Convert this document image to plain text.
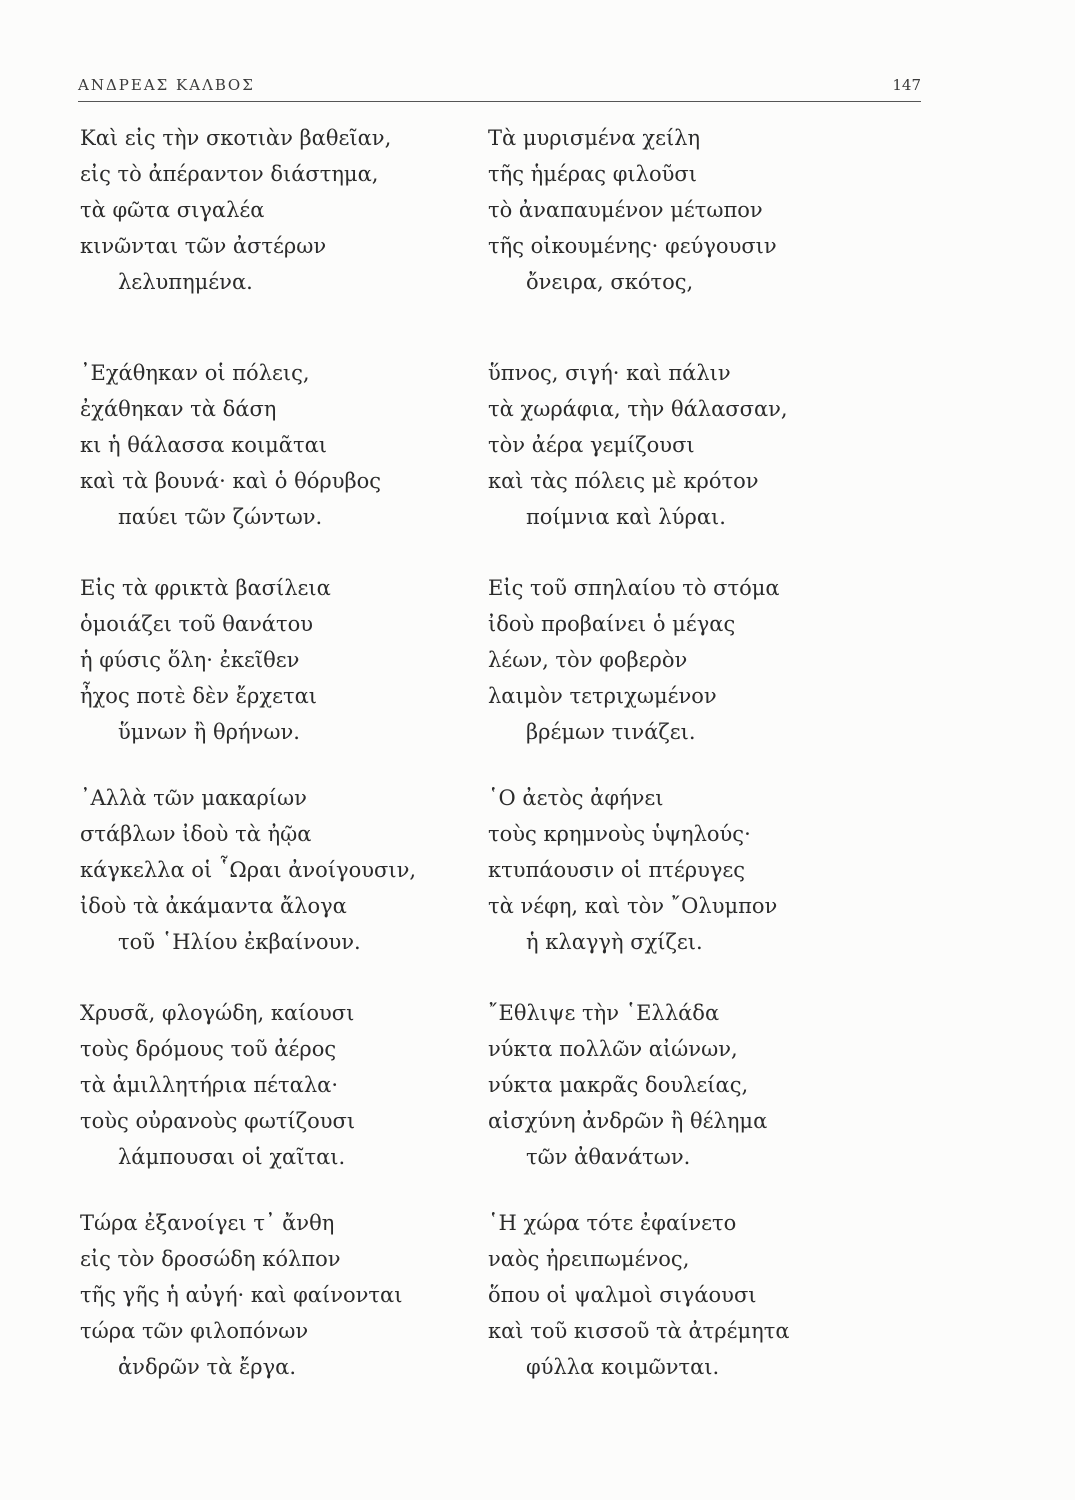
ΑΝΔΡΕΑΣ ΚΑΛΒΟΣ	147
Καὶ εἰς τὴν σκοτιὰν βαθεῖαν,
εἰς τὸ ἀπέραντον διάστημα,
τὰ φῶτα σιγαλέα
κινῶνται τῶν ἀστέρων
λελυπημένα.
᾿Εχάθηκαν οἱ πόλεις,
ἐχάθηκαν τὰ δάση
κι ἡ θάλασσα κοιμᾶται
καὶ τὰ βουνά· καὶ ὁ θόρυβος
παύει τῶν ζώντων.
Εἰς τὰ φρικτὰ βασίλεια
ὁμοιάζει τοῦ θανάτου
ἡ φύσις ὅλη· ἐκεῖθεν
ἦχος ποτὲ δὲν ἔρχεται
ὕμνων ἢ θρήνων.
᾿Αλλὰ τῶν μακαρίων
στάβλων ἰδοὺ τὰ ἠῷα
κάγκελλα οἱ ῟Ωραι ἀνοίγουσιν,
ἰδοὺ τὰ ἀκάμαντα ἄλογα
τοῦ ῾Ηλίου ἐκβαίνουν.
Χρυσᾶ, φλογώδη, καίουσι
τοὺς δρόμους τοῦ ἀέρος
τὰ ἁμιλλητήρια πέταλα·
τοὺς οὐρανοὺς φωτίζουσι
λάμπουσαι οἱ χαῖται.
Τώρα ἐξανοίγει τ᾿ ἄνθη
εἰς τὸν δροσώδη κόλπον
τῆς γῆς ἡ αὐγή· καὶ φαίνονται
τώρα τῶν φιλοπόνων
ἀνδρῶν τὰ ἔργα.
Τὰ μυρισμένα χείλη
τῆς ἡμέρας φιλοῦσι
τὸ ἀναπαυμένον μέτωπον
τῆς οἰκουμένης· φεύγουσιν
ὄνειρα, σκότος,
ὕπνος, σιγή· καὶ πάλιν
τὰ χωράφια, τὴν θάλασσαν,
τὸν ἀέρα γεμίζουσι
καὶ τὰς πόλεις μὲ κρότον
ποίμνια καὶ λύραι.
Εἰς τοῦ σπηλαίου τὸ στόμα
ἰδοὺ προβαίνει ὁ μέγας
λέων, τὸν φοβερὸν
λαιμὸν τετριχωμένον
βρέμων τινάζει.
῾Ο ἀετὸς ἀφήνει
τοὺς κρημνοὺς ὑψηλούς·
κτυπάουσιν οἱ πτέρυγες
τὰ νέφη, καὶ τὸν ῎Ολυμπον
ἡ κλαγγὴ σχίζει.
῎Εθλιψε τὴν ῾Ελλάδα
νύκτα πολλῶν αἰώνων,
νύκτα μακρᾶς δουλείας,
αἰσχύνη ἀνδρῶν ἢ θέλημα
τῶν ἀθανάτων.
῾Η χώρα τότε ἐφαίνετο
ναὸς ἠρειπωμένος,
ὅπου οἱ ψαλμοὶ σιγάουσι
καὶ τοῦ κισσοῦ τὰ ἀτρέμητα
φύλλα κοιμῶνται.
